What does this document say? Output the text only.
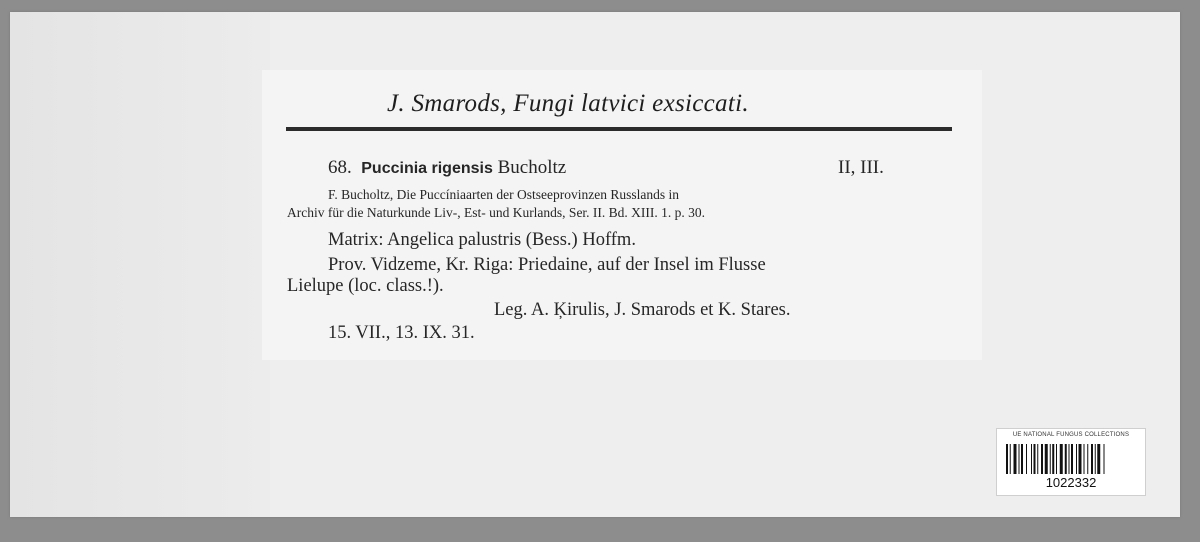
J. Smarods, Fungi latvici exsiccati.
68. Puccinia rigensis Bucholtz	II, III.
F. Bucholtz, Die Puccíniaarten der Ostseeprovinzen Russlands in
Archiv für die Naturkunde Liv-, Est- und Kurlands, Ser. II. Bd. XIII. 1. p. 30.
Matrix: Angelica palustris (Bess.) Hoffm.
Prov. Vidzeme, Kr. Riga: Priedaine, auf der Insel im Flusse
Lielupe (loc. class.!).
Leg. A. Ķirulis, J. Smarods et K. Stares.
15. VII., 13. IX. 31.
UE NATIONAL FUNGUS COLLECTIONS
1022332
